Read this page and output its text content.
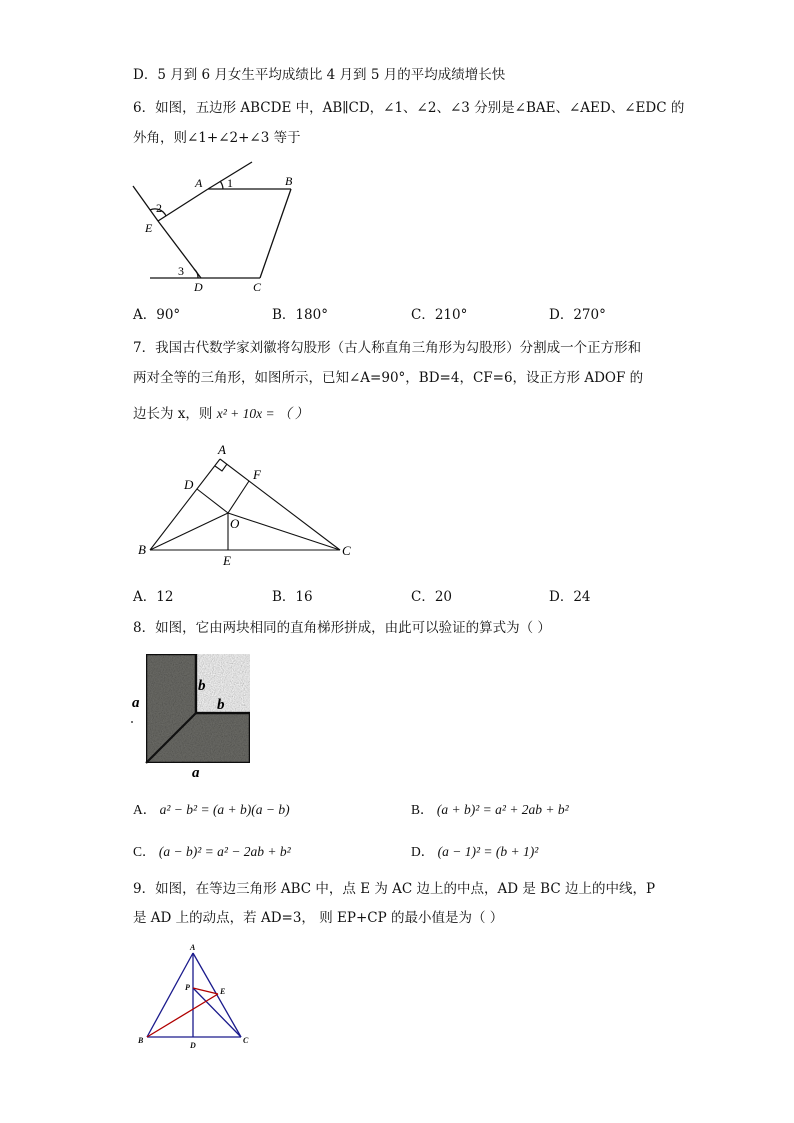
D．5 月到 6 月女生平均成绩比 4 月到 5 月的平均成绩增长快
6．如图，五边形 ABCDE 中，AB∥CD，∠1、∠2、∠3 分别是∠BAE、∠AED、∠EDC 的
外角，则∠1+∠2+∠3 等于
A	B
C
D
E
1
2
3
A．90°	B．180°	C．210°	D．270°
7．我国古代数学家刘徽将勾股形（古人称直角三角形为勾股形）分割成一个正方形和
两对全等的三角形，如图所示，已知∠A=90°，BD=4，CF=6，设正方形 ADOF 的
边长为 x，则 x² + 10x = （ ）
A
B	C
D
E
F
O
A．12	B．16	C．20	D．24
8．如图，它由两块相同的直角梯形拼成，由此可以验证的算式为（ ）
a
b
b
a
A． a² − b² = (a + b)(a − b)	B． (a + b)² = a² + 2ab + b²
C． (a − b)² = a² − 2ab + b²	D． (a − 1)² = (b + 1)²
9．如图，在等边三角形 ABC 中，点 E 为 AC 边上的中点，AD 是 BC 边上的中线，P
是 AD 上的动点，若 AD=3， 则 EP+CP 的最小值是为（ ）
A
B	C
D
E
P
